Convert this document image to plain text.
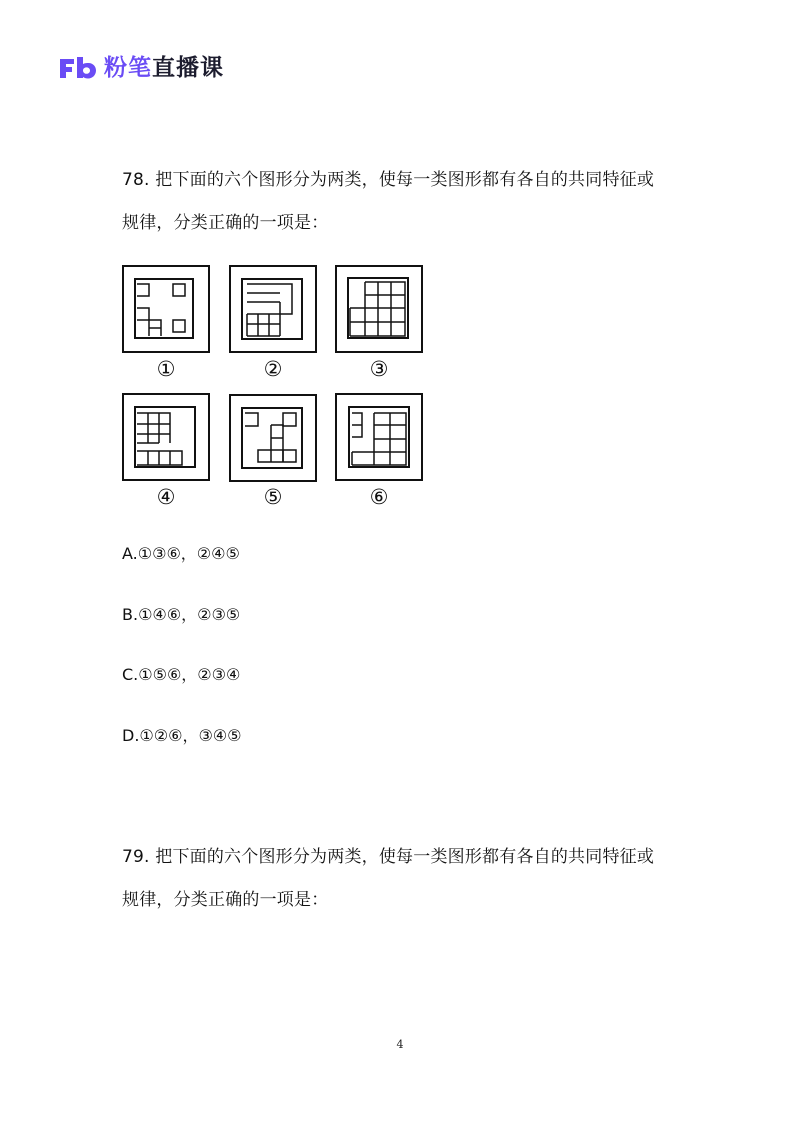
粉笔直播课
78. 把下面的六个图形分为两类，使每一类图形都有各自的共同特征或
规律，分类正确的一项是：
①	②	③
④	⑤	⑥
A.①③⑥，②④⑤
B.①④⑥，②③⑤
C.①⑤⑥，②③④
D.①②⑥，③④⑤
79. 把下面的六个图形分为两类，使每一类图形都有各自的共同特征或
规律，分类正确的一项是：
4
